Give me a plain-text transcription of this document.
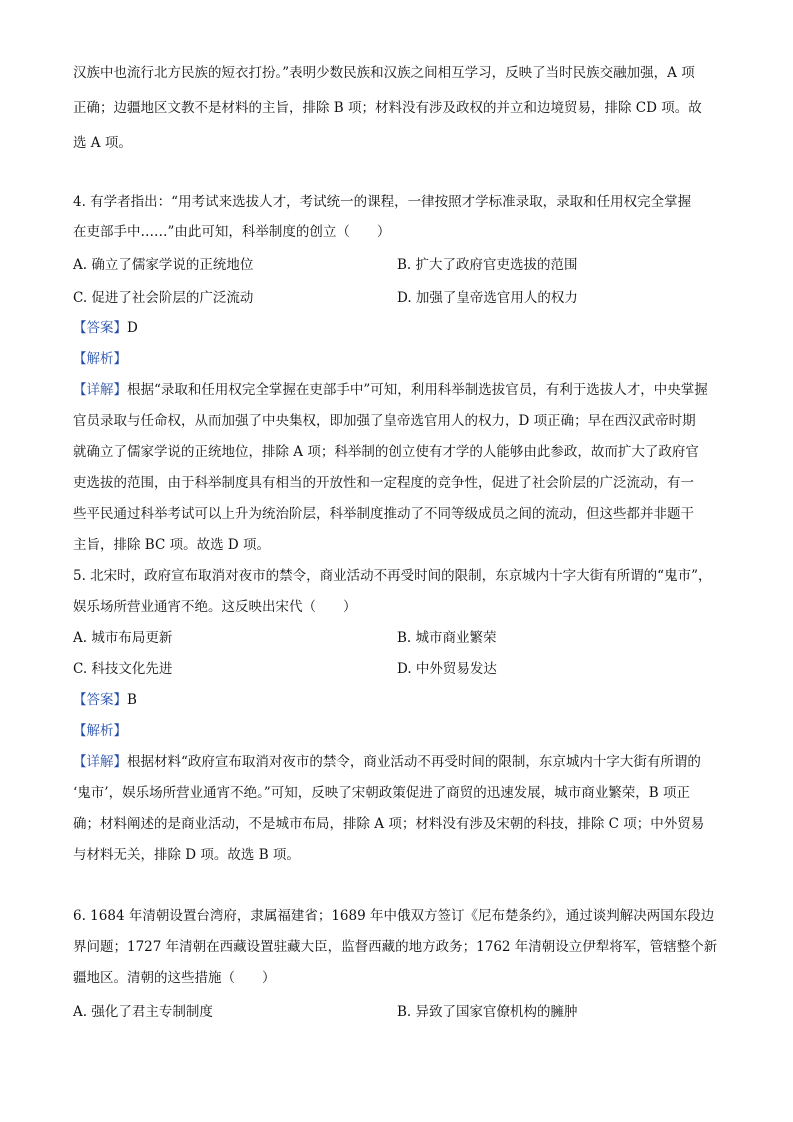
汉族中也流行北方民族的短衣打扮。”表明少数民族和汉族之间相互学习，反映了当时民族交融加强，A 项
正确；边疆地区文教不是材料的主旨，排除 B 项；材料没有涉及政权的并立和边境贸易，排除 CD 项。故
选 A 项。
4. 有学者指出：“用考试来选拔人才，考试统一的课程，一律按照才学标准录取，录取和任用权完全掌握
在吏部手中……”由此可知，科举制度的创立（　　）
A. 确立了儒家学说的正统地位	B. 扩大了政府官吏选拔的范围
C. 促进了社会阶层的广泛流动	D. 加强了皇帝选官用人的权力
【答案】D
【解析】
【详解】根据“录取和任用权完全掌握在吏部手中”可知，利用科举制选拔官员，有利于选拔人才，中央掌握
官员录取与任命权，从而加强了中央集权，即加强了皇帝选官用人的权力，D 项正确；早在西汉武帝时期
就确立了儒家学说的正统地位，排除 A 项；科举制的创立使有才学的人能够由此参政，故而扩大了政府官
吏选拔的范围，由于科举制度具有相当的开放性和一定程度的竞争性，促进了社会阶层的广泛流动，有一
些平民通过科举考试可以上升为统治阶层，科举制度推动了不同等级成员之间的流动，但这些都并非题干
主旨，排除 BC 项。故选 D 项。
5. 北宋时，政府宣布取消对夜市的禁令，商业活动不再受时间的限制，东京城内十字大街有所谓的“鬼市”，
娱乐场所营业通宵不绝。这反映出宋代（　　）
A. 城市布局更新	B. 城市商业繁荣
C. 科技文化先进	D. 中外贸易发达
【答案】B
【解析】
【详解】根据材料“政府宣布取消对夜市的禁令，商业活动不再受时间的限制，东京城内十字大街有所谓的
‘鬼市’，娱乐场所营业通宵不绝。”可知，反映了宋朝政策促进了商贸的迅速发展，城市商业繁荣，B 项正
确；材料阐述的是商业活动，不是城市布局，排除 A 项；材料没有涉及宋朝的科技，排除 C 项；中外贸易
与材料无关，排除 D 项。故选 B 项。
6. 1684 年清朝设置台湾府，隶属福建省；1689 年中俄双方签订《尼布楚条约》，通过谈判解决两国东段边
界问题；1727 年清朝在西藏设置驻藏大臣，监督西藏的地方政务；1762 年清朝设立伊犁将军，管辖整个新
疆地区。清朝的这些措施（　　）
A. 强化了君主专制制度	B. 异致了国家官僚机构的臃肿
